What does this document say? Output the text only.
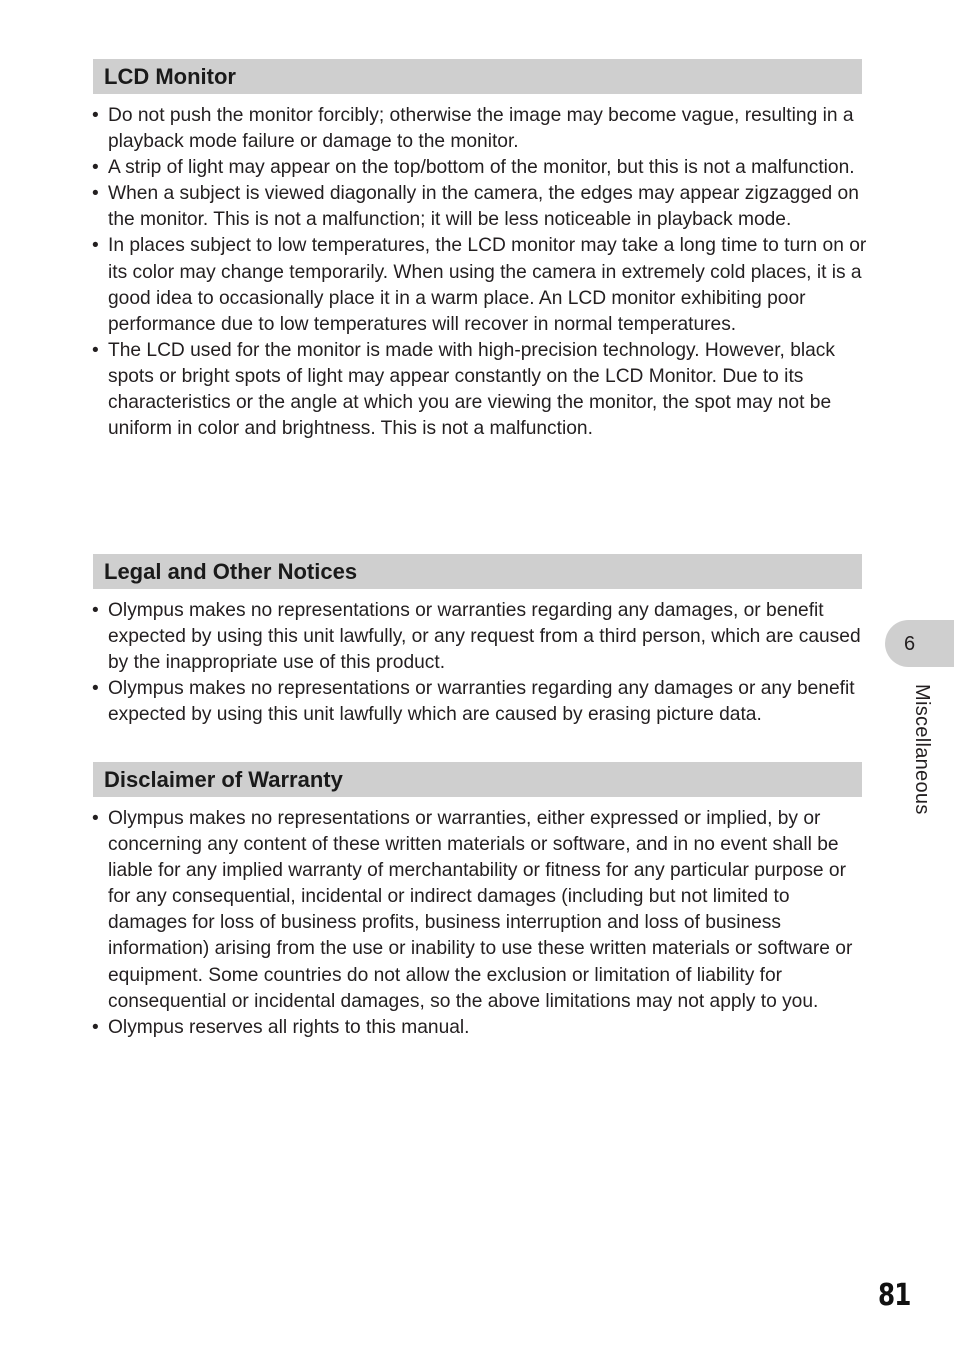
LCD Monitor
• Do not push the monitor forcibly; otherwise the image may become vague, resulting in a playback mode failure or damage to the monitor.
• A strip of light may appear on the top/bottom of the monitor, but this is not a malfunction.
• When a subject is viewed diagonally in the camera, the edges may appear zigzagged on the monitor. This is not a malfunction; it will be less noticeable in playback mode.
• In places subject to low temperatures, the LCD monitor may take a long time to turn on or its color may change temporarily. When using the camera in extremely cold places, it is a good idea to occasionally place it in a warm place. An LCD monitor exhibiting poor performance due to low temperatures will recover in normal temperatures.
• The LCD used for the monitor is made with high-precision technology. However, black spots or bright spots of light may appear constantly on the LCD Monitor. Due to its characteristics or the angle at which you are viewing the monitor, the spot may not be uniform in color and brightness. This is not a malfunction.
Legal and Other Notices
• Olympus makes no representations or warranties regarding any damages, or benefit expected by using this unit lawfully, or any request from a third person, which are caused by the inappropriate use of this product.
• Olympus makes no representations or warranties regarding any damages or any benefit expected by using this unit lawfully which are caused by erasing picture data.
Disclaimer of Warranty
• Olympus makes no representations or warranties, either expressed or implied, by or concerning any content of these written materials or software, and in no event shall be liable for any implied warranty of merchantability or fitness for any particular purpose or for any consequential, incidental or indirect damages (including but not limited to damages for loss of business profits, business interruption and loss of business information) arising from the use or inability to use these written materials or software or equipment. Some countries do not allow the exclusion or limitation of liability for consequential or incidental damages, so the above limitations may not apply to you.
• Olympus reserves all rights to this manual.
6
Miscellaneous
81
